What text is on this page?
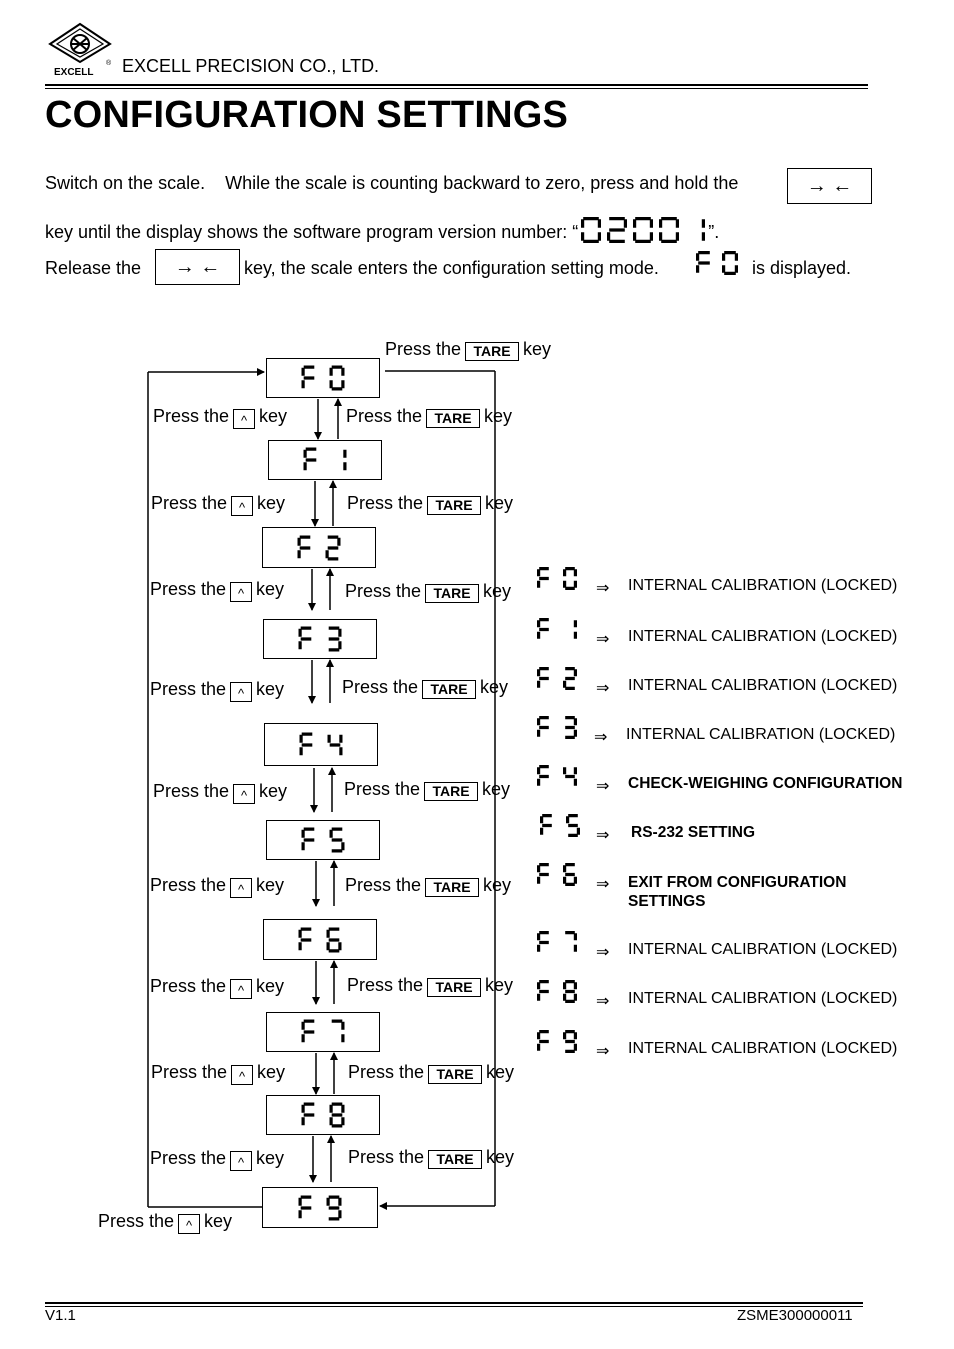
EXCELL
® EXCELL PRECISION CO., LTD.
CONFIGURATION SETTINGS
Switch on the scale.    While the scale is counting backward to zero, press and hold the	→ ←
key until the display shows the software program version number: “	”.
Release the	→ ←	key, the scale enters the configuration setting mode.	is displayed.
Press the ^ key	Press the TARE key
Press the ^ key	Press the TARE key
Press the ^ key	Press the TARE key
Press the ^ key	Press the TARE key
Press the ^ key	Press the TARE key
Press the ^ key	Press the TARE key
Press the ^ key	Press the TARE key
Press the ^ key	Press the TARE key
Press the ^ key	Press the TARE key
Press the TARE key
Press the ^ key
⇒ INTERNAL CALIBRATION (LOCKED)
⇒ INTERNAL CALIBRATION (LOCKED)
⇒ INTERNAL CALIBRATION (LOCKED)
⇒ INTERNAL CALIBRATION (LOCKED)
⇒ CHECK-WEIGHING CONFIGURATION
⇒ RS-232 SETTING
⇒ EXIT FROM CONFIGURATION
SETTINGS
⇒ INTERNAL CALIBRATION (LOCKED)
⇒ INTERNAL CALIBRATION (LOCKED)
⇒ INTERNAL CALIBRATION (LOCKED)
V1.1	ZSME300000011
